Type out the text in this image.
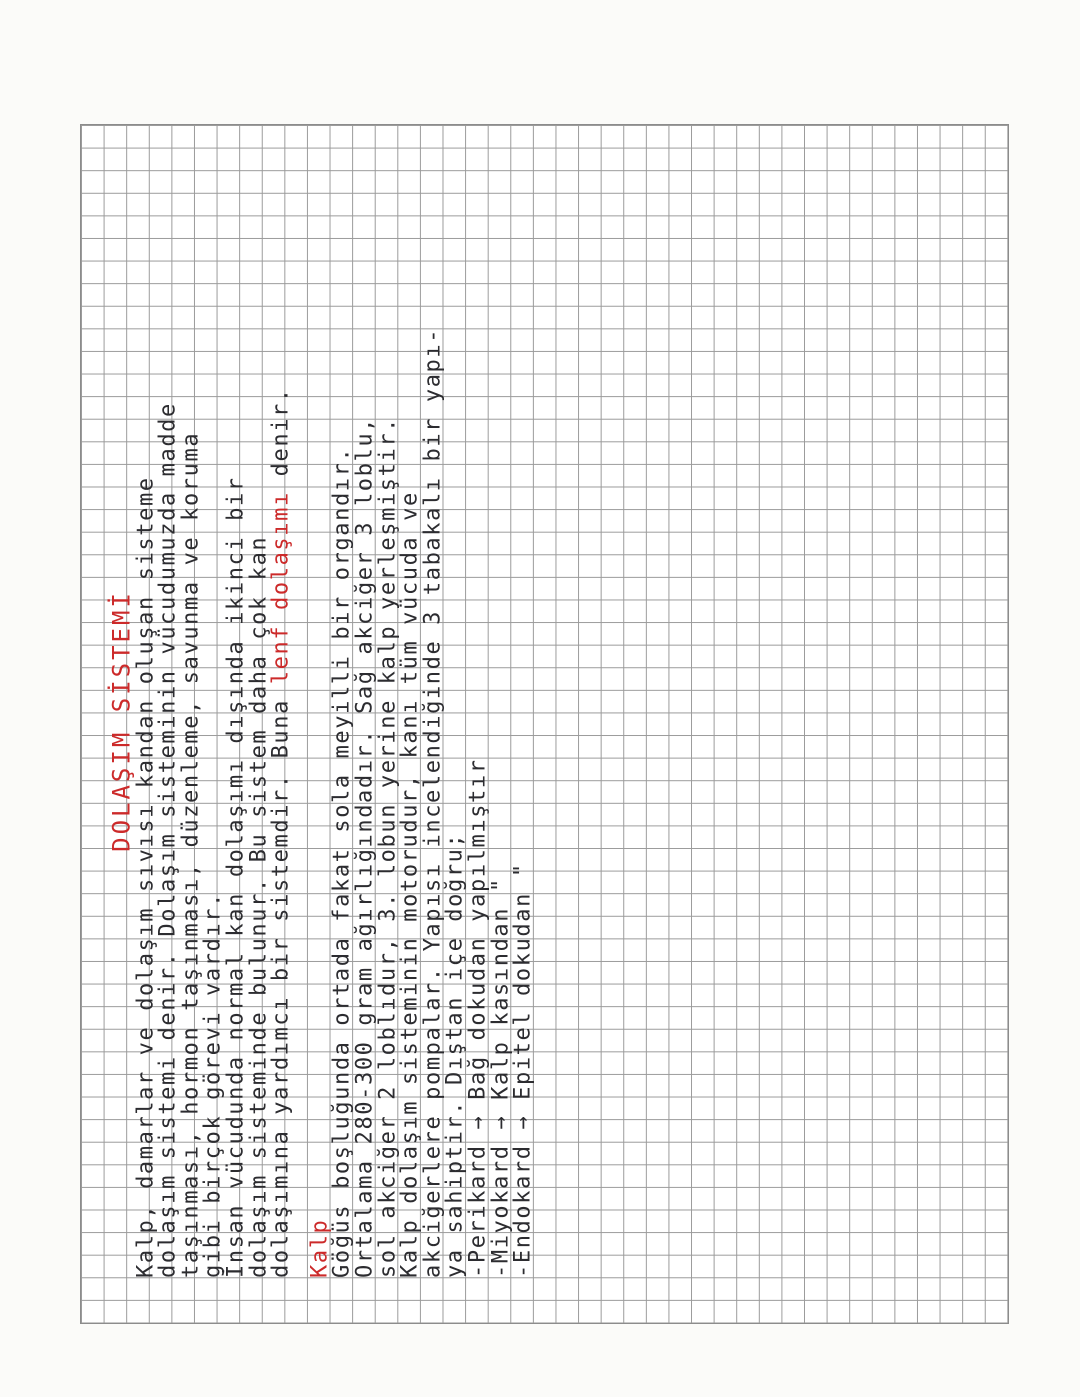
DOLAŞIM SİSTEMİ
Kalp, damarlar ve dolaşım sıvısı kandan oluşan sisteme
dolaşım sistemi denir. Dolaşım sisteminin vücudumuzda madde
taşınması, hormon taşınması, düzenleme, savunma ve koruma
gibi birçok görevi vardır.
İnsan vücudunda normal kan dolaşımı dışında ikinci bir
dolaşım sisteminde bulunur. Bu sistem daha çok kan
dolaşımına yardımcı bir sistemdir. Buna lenf dolaşımı denir.
Kalp
Göğüs boşluğunda ortada fakat sola meyilli bir organdır.
Ortalama 280-300 gram ağırlığındadır. Sağ akciğer 3 loblu,
sol akciğer 2 loblıdur, 3. lobun yerine kalp yerleşmiştir.
Kalp dolaşım sisteminin motorudur, kanı tüm vücuda ve
akciğerlere pompalar. Yapısı incelendiğinde 3 tabakalı bir yapı-
ya sahiptir. Dıştan içe doğru;
-Perikard → Bağ dokudan yapılmıştır
-Miyokard → Kalp kasından "
-Endokard → Epitel dokudan "
